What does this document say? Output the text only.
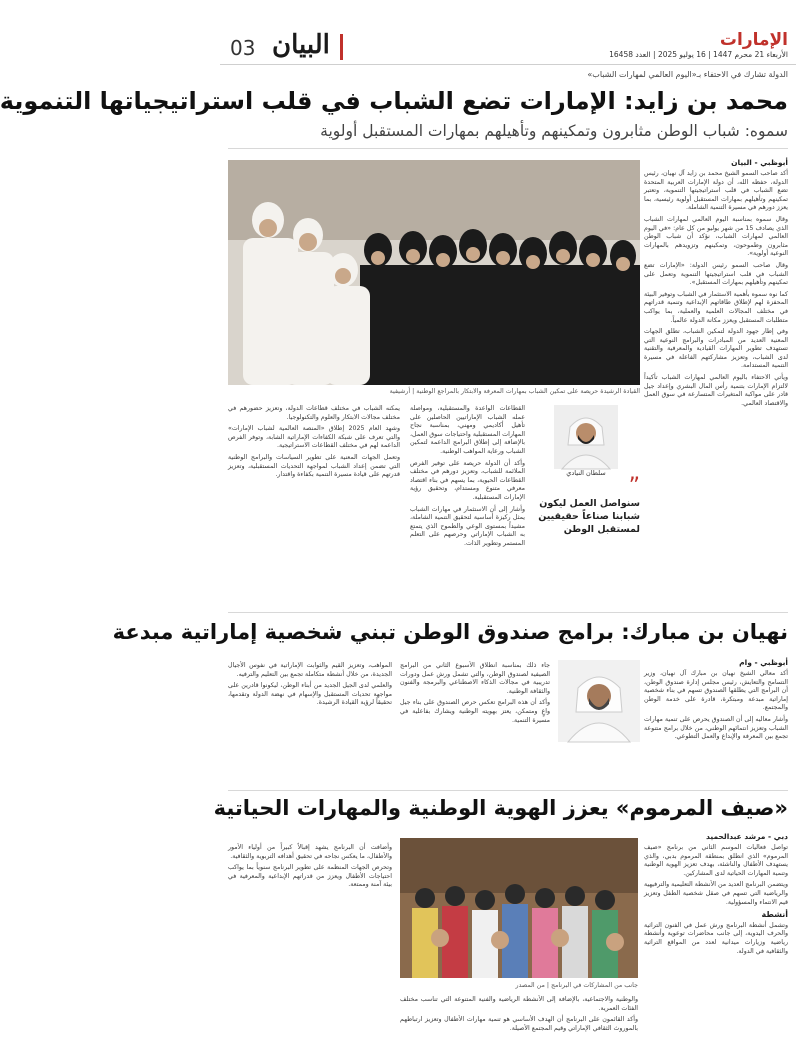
الإمارات
الأربعاء 21 محرم 1447 | 16 يوليو 2025 | العدد 16458
البيان
03
الدولة تشارك في الاحتفاء بـ«اليوم العالمي لمهارات الشباب»
محمد بن زايد: الإمارات تضع الشباب في قلب استراتيجياتها التنموية
سموه: شباب الوطن مثابرون وتمكينهم وتأهيلهم بمهارات المستقبل أولوية
أبوظبي - البيان

أكد صاحب السمو الشيخ محمد بن زايد آل نهيان، رئيس الدولة، حفظه الله، أن دولة الإمارات العربية المتحدة تضع الشباب في قلب استراتيجيتها التنموية، وتعتبر تمكينهم وتأهيلهم بمهارات المستقبل أولوية رئيسية، بما يعزز دورهم في مسيرة التنمية الشاملة.

وقال سموه بمناسبة اليوم العالمي لمهارات الشباب الذي يصادف 15 من شهر يوليو من كل عام: «في اليوم العالمي لمهارات الشباب، نؤكد أن شباب الوطن مثابرون وطموحون، وتمكينهم وتزويدهم بالمهارات النوعية أولوية».

وقال صاحب السمو رئيس الدولة: «الإمارات تضع الشباب في قلب استراتيجيتها التنموية وتعمل على تمكينهم وتأهيلهم بمهارات المستقبل».

كما نوه سموه بأهمية الاستثمار في الشباب وتوفير البيئة المحفزة لهم لإطلاق طاقاتهم الإبداعية وتنمية قدراتهم في مختلف المجالات العلمية والعملية، بما يواكب متطلبات المستقبل ويعزز مكانة الدولة عالمياً.

وفي إطار جهود الدولة لتمكين الشباب، تطلق الجهات المعنية العديد من المبادرات والبرامج النوعية التي تستهدف تطوير المهارات القيادية والمعرفية والتقنية لدى الشباب، وتعزيز مشاركتهم الفاعلة في مسيرة التنمية المستدامة.

ويأتي الاحتفاء باليوم العالمي لمهارات الشباب تأكيداً لالتزام الإمارات بتنمية رأس المال البشري وإعداد جيل قادر على مواكبة المتغيرات المتسارعة في سوق العمل والاقتصاد العالمي.

القيادة الرشيدة حريصة على تمكين الشباب بمهارات المعرفة والابتكار بالمراجع الوطنية | أرشيفية
سلطان النيادي
”
سنواصل العمل ليكون شبابنا صناعاً حقيقيين لمستقبل الوطن

القطاعات الواعدة والمستقبلية، ومواصلة عمله الشباب الإماراتيين الحاصلين على تأهيل أكاديمي ومهني، بمناسبة نجاح المهارات المستقبلية واحتياجات سوق العمل، بالإضافة إلى إطلاق البرامج الداعمة لتمكين الشباب ورعاية المواهب الوطنية.

وأكد أن الدولة حريصة على توفير الفرص الملائمة للشباب، وتعزيز دورهم في مختلف القطاعات الحيوية، بما يسهم في بناء اقتصاد معرفي متنوع ومستدام، وتحقيق رؤية الإمارات المستقبلية.

وأشار إلى أن الاستثمار في مهارات الشباب يمثل ركيزة أساسية لتحقيق التنمية الشاملة، مشيداً بمستوى الوعي والطموح الذي يتمتع به الشباب الإماراتي وحرصهم على التعلم المستمر وتطوير الذات.

يمكنه الشباب في مختلف قطاعات الدولة، وتعزيز حضورهم في مختلف مجالات الابتكار والعلوم والتكنولوجيا.

وشهد العام 2025 إطلاق «المنصة العالمية لشباب الإمارات» والتي تعرف على شبكة الكفاءات الإماراتية الشابة، وتوفر الفرص الداعمة لهم في مختلف القطاعات الاستراتيجية.

وتعمل الجهات المعنية على تطوير السياسات والبرامج الوطنية التي تضمن إعداد الشباب لمواجهة التحديات المستقبلية، وتعزيز قدرتهم على قيادة مسيرة التنمية بكفاءة واقتدار.

نهيان بن مبارك: برامج صندوق الوطن تبني شخصية إماراتية مبدعة
أبوظبي - وام

أكد معالي الشيخ نهيان بن مبارك آل نهيان، وزير التسامح والتعايش، رئيس مجلس إدارة صندوق الوطن، أن البرامج التي يطلقها الصندوق تسهم في بناء شخصية إماراتية مبدعة ومبتكرة، قادرة على خدمة الوطن والمجتمع.

وأشار معاليه إلى أن الصندوق يحرص على تنمية مهارات الشباب وتعزيز انتمائهم الوطني، من خلال برامج متنوعة تجمع بين المعرفة والإبداع والعمل التطوعي.

جاء ذلك بمناسبة انطلاق الأسبوع الثاني من البرامج الصيفية لصندوق الوطن، والتي تشمل ورش عمل ودورات تدريبية في مجالات الذكاء الاصطناعي والبرمجة والفنون والثقافة الوطنية.

وأكد أن هذه البرامج تعكس حرص الصندوق على بناء جيل واعٍ ومتمكن، يعتز بهويته الوطنية ويشارك بفاعلية في مسيرة التنمية.

المواهب، وتعزيز القيم والثوابت الإماراتية في نفوس الأجيال الجديدة، من خلال أنشطة متكاملة تجمع بين التعليم والترفيه.

والعلمي لدى الجيل الجديد من أبناء الوطن، ليكونوا قادرين على مواجهة تحديات المستقبل والإسهام في نهضة الدولة وتقدمها، تحقيقاً لرؤية القيادة الرشيدة.

«صيف المرموم» يعزز الهوية الوطنية والمهارات الحياتية
دبي - مرشد عبدالحميد

تواصل فعاليات الموسم الثاني من برنامج «صيف المرموم» الذي انطلق بمنطقة المرموم بدبي، والذي يستهدف الأطفال والناشئة، بهدف تعزيز الهوية الوطنية وتنمية المهارات الحياتية لدى المشاركين.

ويتضمن البرنامج العديد من الأنشطة التعليمية والترفيهية والرياضية التي تسهم في صقل شخصية الطفل وتعزيز قيم الانتماء والمسؤولية.

أنشطة

وتشمل أنشطة البرنامج ورش عمل في الفنون التراثية والحرف اليدوية، إلى جانب محاضرات توعوية وأنشطة رياضية وزيارات ميدانية لعدد من المواقع التراثية والثقافية في الدولة.

جانب من المشاركات في البرنامج | من المصدر

والوطنية والاجتماعية، بالإضافة إلى الأنشطة الرياضية والفنية المتنوعة التي تناسب مختلف الفئات العمرية.

وأكد القائمون على البرنامج أن الهدف الأساسي هو تنمية مهارات الأطفال وتعزيز ارتباطهم بالموروث الثقافي الإماراتي وقيم المجتمع الأصيلة.

وأضافت أن البرنامج يشهد إقبالاً كبيراً من أولياء الأمور والأطفال، ما يعكس نجاحه في تحقيق أهدافه التربوية والثقافية.

وتحرص الجهات المنظمة على تطوير البرنامج سنوياً بما يواكب احتياجات الأطفال ويعزز من قدراتهم الإبداعية والمعرفية في بيئة آمنة وممتعة.
